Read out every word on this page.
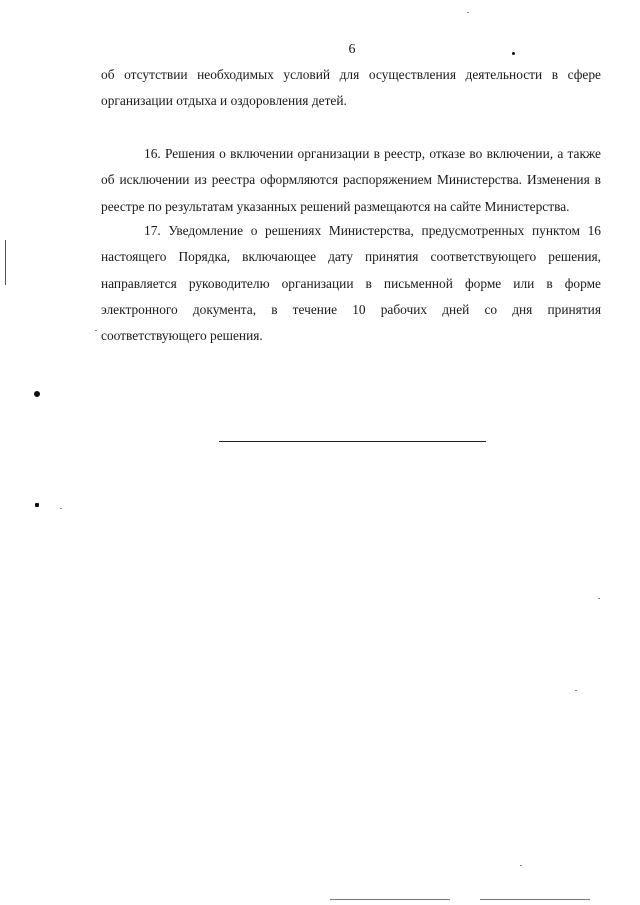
6

об отсутствии необходимых условий для осуществления деятельности в сфере организации отдыха и оздоровления детей.

16. Решения о включении организации в реестр, отказе во включении, а также об исключении из реестра оформляются распоряжением Министерства. Изменения в реестре по результатам указанных решений размещаются на сайте Министерства.

17. Уведомление о решениях Министерства, предусмотренных пунктом 16 настоящего Порядка, включающее дату принятия соответствующего решения, направляется руководителю организации в письменной форме или в форме электронного документа, в течение 10 рабочих дней со дня принятия соответствующего решения.
